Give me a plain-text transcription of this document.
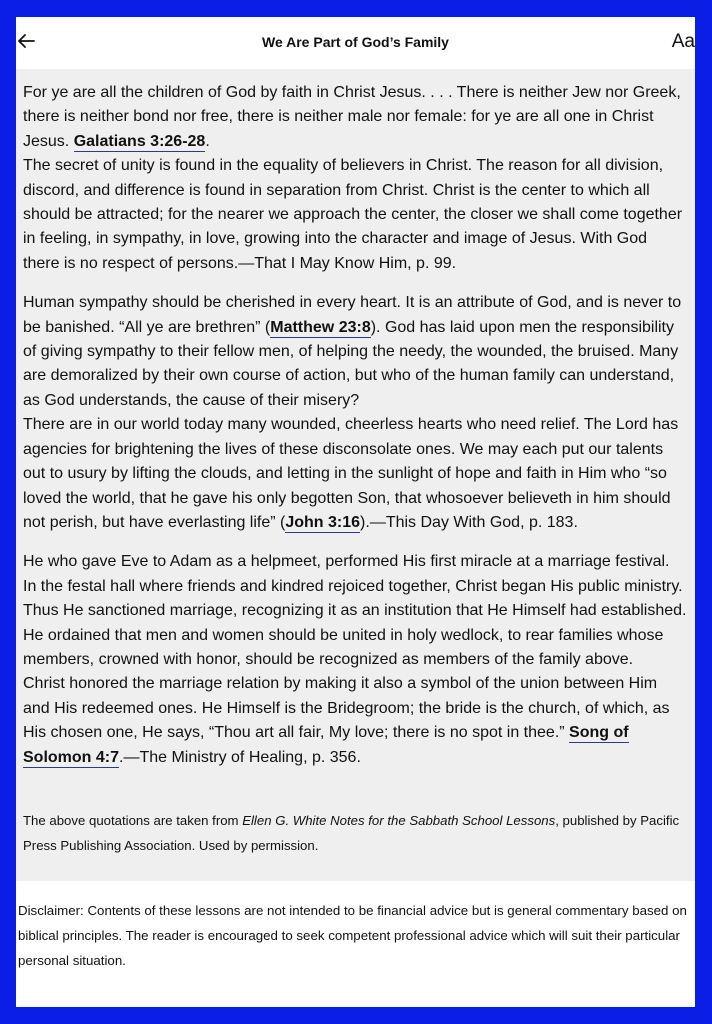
We Are Part of God’s Family	Aa

For ye are all the children of God by faith in Christ Jesus. . . . There is neither Jew nor Greek, there is neither bond nor free, there is neither male nor female: for ye are all one in Christ Jesus. Galatians 3:26-28.

The secret of unity is found in the equality of believers in Christ. The reason for all division, discord, and difference is found in separation from Christ. Christ is the center to which all should be attracted; for the nearer we approach the center, the closer we shall come together in feeling, in sympathy, in love, growing into the character and image of Jesus. With God there is no respect of persons.—That I May Know Him, p. 99.

Human sympathy should be cherished in every heart. It is an attribute of God, and is never to be banished. “All ye are brethren” (Matthew 23:8). God has laid upon men the responsibility of giving sympathy to their fellow men, of helping the needy, the wounded, the bruised. Many are demoralized by their own course of action, but who of the human family can understand, as God understands, the cause of their misery?

There are in our world today many wounded, cheerless hearts who need relief. The Lord has agencies for brightening the lives of these disconsolate ones. We may each put our talents out to usury by lifting the clouds, and letting in the sunlight of hope and faith in Him who “so loved the world, that he gave his only begotten Son, that whosoever believeth in him should not perish, but have everlasting life” (John 3:16).—This Day With God, p. 183.

He who gave Eve to Adam as a helpmeet, performed His first miracle at a marriage festival. In the festal hall where friends and kindred rejoiced together, Christ began His public ministry. Thus He sanctioned marriage, recognizing it as an institution that He Himself had established. He ordained that men and women should be united in holy wedlock, to rear families whose members, crowned with honor, should be recognized as members of the family above.

Christ honored the marriage relation by making it also a symbol of the union between Him and His redeemed ones. He Himself is the Bridegroom; the bride is the church, of which, as His chosen one, He says, “Thou art all fair, My love; there is no spot in thee.” Song of Solomon 4:7.—The Ministry of Healing, p. 356.

The above quotations are taken from Ellen G. White Notes for the Sabbath School Lessons, published by Pacific Press Publishing Association. Used by permission.
Disclaimer: Contents of these lessons are not intended to be financial advice but is general commentary based on biblical principles. The reader is encouraged to seek competent professional advice which will suit their particular personal situation.
